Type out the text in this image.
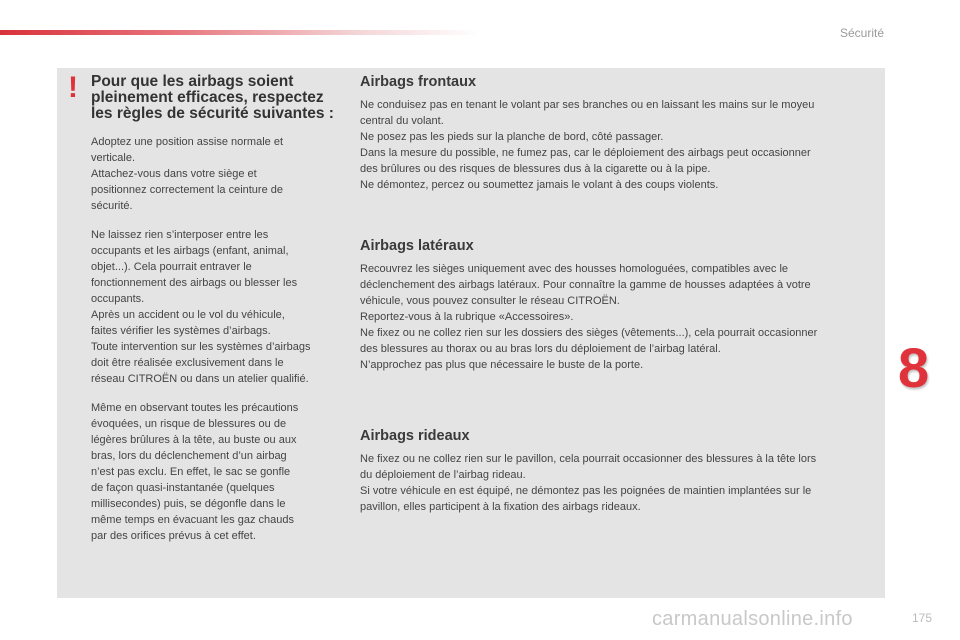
Sécurité
! Pour que les airbags soient pleinement efficaces, respectez les règles de sécurité suivantes :

Adoptez une position assise normale et
verticale.
Attachez-vous dans votre siège et
positionnez correctement la ceinture de
sécurité.

Ne laissez rien s’interposer entre les
occupants et les airbags (enfant, animal,
objet...). Cela pourrait entraver le
fonctionnement des airbags ou blesser les
occupants.
Après un accident ou le vol du véhicule,
faites vérifier les systèmes d’airbags.
Toute intervention sur les systèmes d’airbags
doit être réalisée exclusivement dans le
réseau CITROËN ou dans un atelier qualifié.

Même en observant toutes les précautions
évoquées, un risque de blessures ou de
légères brûlures à la tête, au buste ou aux
bras, lors du déclenchement d’un airbag
n’est pas exclu. En effet, le sac se gonfle
de façon quasi-instantanée (quelques
millisecondes) puis, se dégonfle dans le
même temps en évacuant les gaz chauds
par des orifices prévus à cet effet.

Airbags frontaux

Ne conduisez pas en tenant le volant par ses branches ou en laissant les mains sur le moyeu
central du volant.
Ne posez pas les pieds sur la planche de bord, côté passager.
Dans la mesure du possible, ne fumez pas, car le déploiement des airbags peut occasionner
des brûlures ou des risques de blessures dus à la cigarette ou à la pipe.
Ne démontez, percez ou soumettez jamais le volant à des coups violents.

Airbags latéraux

Recouvrez les sièges uniquement avec des housses homologuées, compatibles avec le
déclenchement des airbags latéraux. Pour connaître la gamme de housses adaptées à votre
véhicule, vous pouvez consulter le réseau CITROËN.
Reportez-vous à la rubrique «Accessoires».
Ne fixez ou ne collez rien sur les dossiers des sièges (vêtements...), cela pourrait occasionner
des blessures au thorax ou au bras lors du déploiement de l’airbag latéral.
N’approchez pas plus que nécessaire le buste de la porte.

Airbags rideaux

Ne fixez ou ne collez rien sur le pavillon, cela pourrait occasionner des blessures à la tête lors
du déploiement de l’airbag rideau.
Si votre véhicule en est équipé, ne démontez pas les poignées de maintien implantées sur le
pavillon, elles participent à la fixation des airbags rideaux.

8
carmanualsonline.info	175
